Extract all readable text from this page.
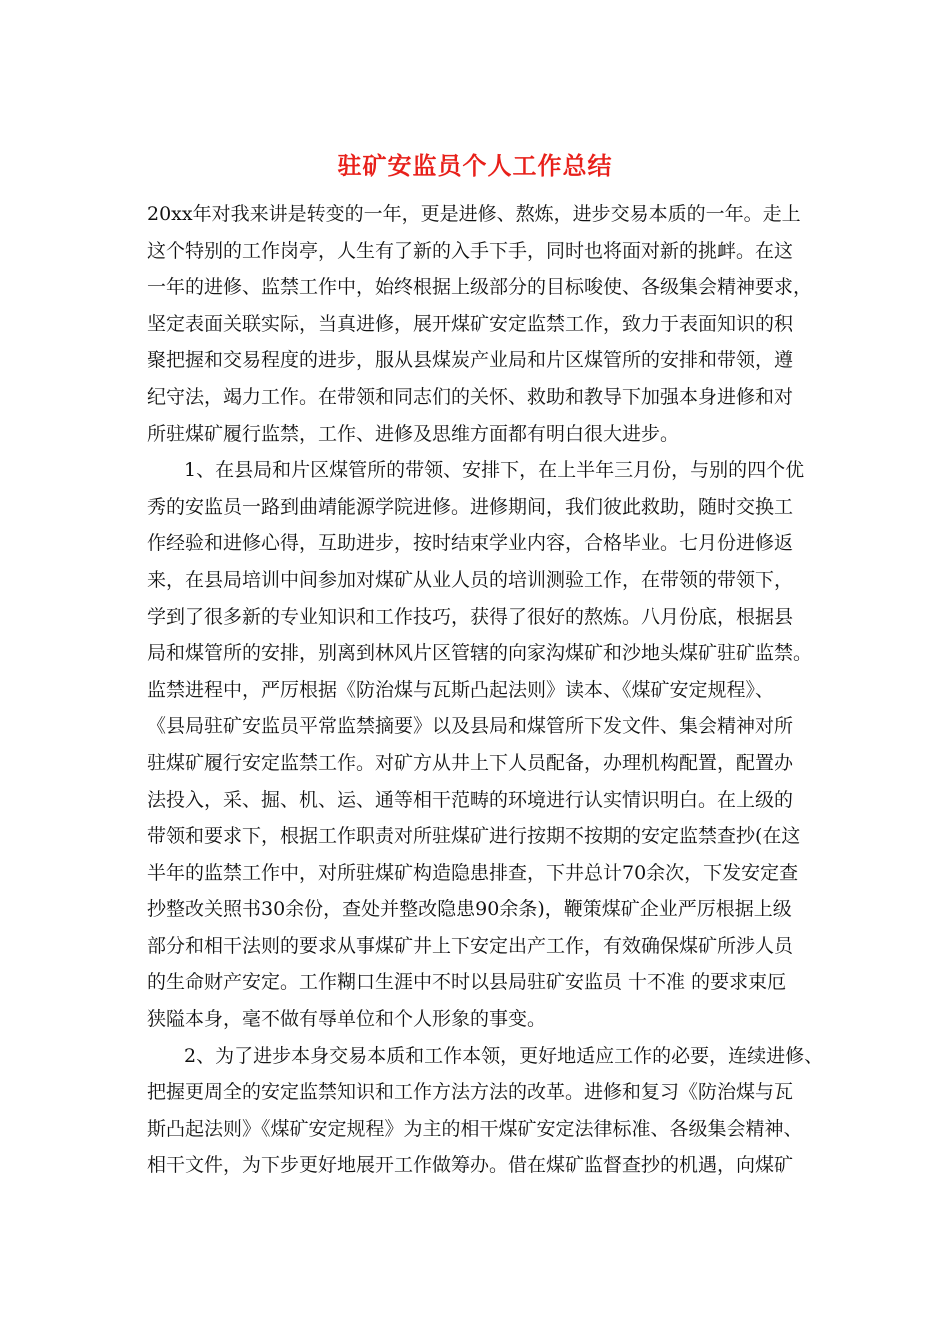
驻矿安监员个人工作总结
20xx年对我来讲是转变的一年，更是进修、熬炼，进步交易本质的一年。走上
这个特别的工作岗亭，人生有了新的入手下手，同时也将面对新的挑衅。在这
一年的进修、监禁工作中，始终根据上级部分的目标唆使、各级集会精神要求，
坚定表面关联实际，当真进修，展开煤矿安定监禁工作，致力于表面知识的积
聚把握和交易程度的进步，服从县煤炭产业局和片区煤管所的安排和带领，遵
纪守法，竭力工作。在带领和同志们的关怀、救助和教导下加强本身进修和对
所驻煤矿履行监禁，工作、进修及思维方面都有明白很大进步。
1、在县局和片区煤管所的带领、安排下，在上半年三月份，与别的四个优
秀的安监员一路到曲靖能源学院进修。进修期间，我们彼此救助，随时交换工
作经验和进修心得，互助进步，按时结束学业内容，合格毕业。七月份进修返
来，在县局培训中间参加对煤矿从业人员的培训测验工作，在带领的带领下，
学到了很多新的专业知识和工作技巧，获得了很好的熬炼。八月份底，根据县
局和煤管所的安排，别离到林风片区管辖的向家沟煤矿和沙地头煤矿驻矿监禁。
监禁进程中，严厉根据《防治煤与瓦斯凸起法则》读本、《煤矿安定规程》、
《县局驻矿安监员平常监禁摘要》以及县局和煤管所下发文件、集会精神对所
驻煤矿履行安定监禁工作。对矿方从井上下人员配备，办理机构配置，配置办
法投入，采、掘、机、运、通等相干范畴的环境进行认实情识明白。在上级的
带领和要求下，根据工作职责对所驻煤矿进行按期不按期的安定监禁查抄(在这
半年的监禁工作中，对所驻煤矿构造隐患排查，下井总计70余次，下发安定查
抄整改关照书30余份，查处并整改隐患90余条)，鞭策煤矿企业严厉根据上级
部分和相干法则的要求从事煤矿井上下安定出产工作，有效确保煤矿所涉人员
的生命财产安定。工作糊口生涯中不时以县局驻矿安监员 十不准 的要求束厄
狭隘本身，毫不做有辱单位和个人形象的事变。
2、为了进步本身交易本质和工作本领，更好地适应工作的必要，连续进修、
把握更周全的安定监禁知识和工作方法方法的改革。进修和复习《防治煤与瓦
斯凸起法则》《煤矿安定规程》为主的相干煤矿安定法律标准、各级集会精神、
相干文件，为下步更好地展开工作做筹办。借在煤矿监督查抄的机遇，向煤矿
